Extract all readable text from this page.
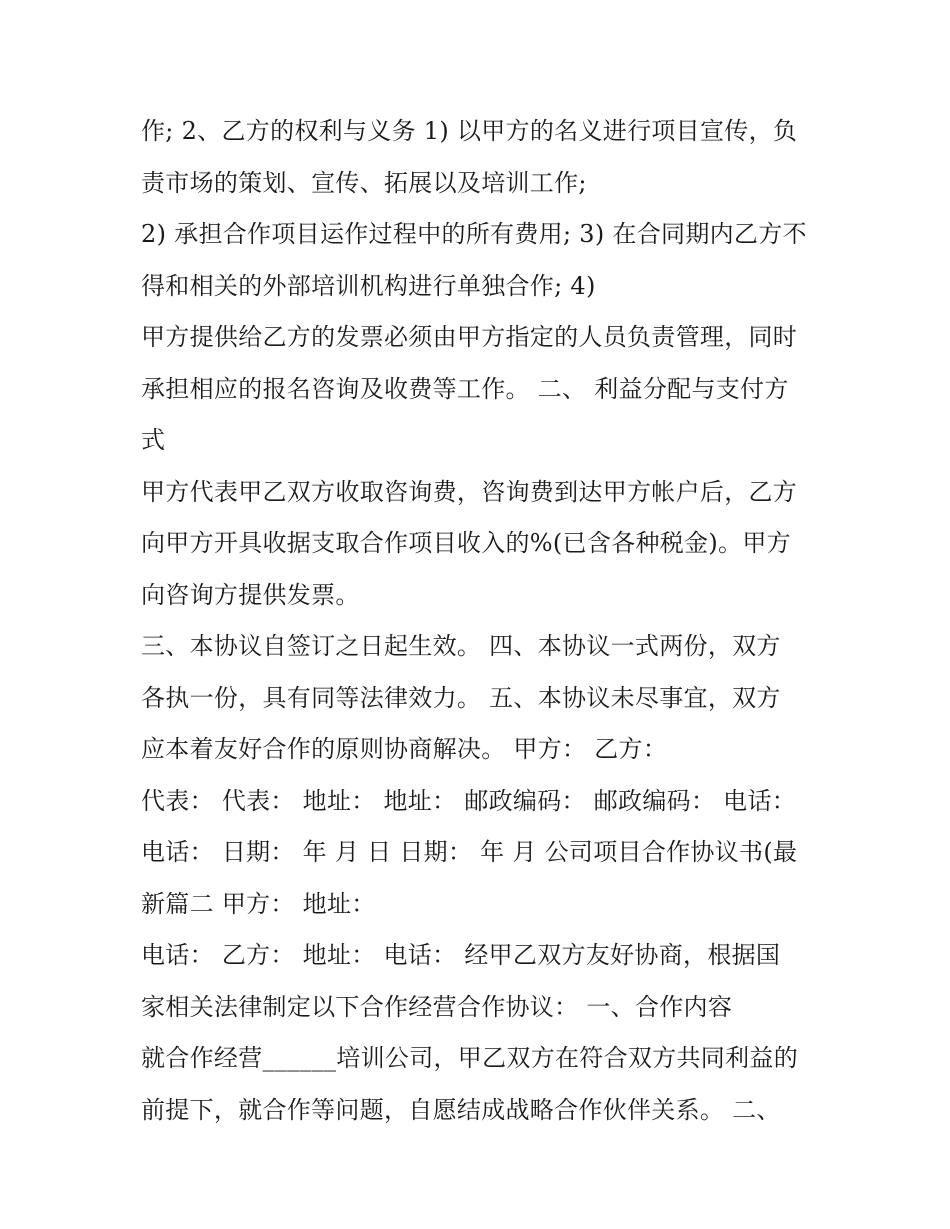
作; 2、乙方的权利与义务 1) 以甲方的名义进行项目宣传，负
责市场的策划、宣传、拓展以及培训工作;
2) 承担合作项目运作过程中的所有费用; 3) 在合同期内乙方不
得和相关的外部培训机构进行单独合作; 4)
甲方提供给乙方的发票必须由甲方指定的人员负责管理，同时
承担相应的报名咨询及收费等工作。 二、 利益分配与支付方
式
甲方代表甲乙双方收取咨询费，咨询费到达甲方帐户后，乙方
向甲方开具收据支取合作项目收入的%(已含各种税金)。甲方
向咨询方提供发票。
三、本协议自签订之日起生效。 四、本协议一式两份，双方
各执一份，具有同等法律效力。 五、本协议未尽事宜，双方
应本着友好合作的原则协商解决。 甲方： 乙方：
代表： 代表： 地址： 地址： 邮政编码： 邮政编码： 电话：
电话： 日期： 年 月 日 日期： 年 月 公司项目合作协议书(最
新篇二 甲方： 地址：
电话： 乙方： 地址： 电话： 经甲乙双方友好协商，根据国
家相关法律制定以下合作经营合作协议： 一、合作内容
就合作经营______培训公司，甲乙双方在符合双方共同利益的
前提下，就合作等问题，自愿结成战略合作伙伴关系。 二、
